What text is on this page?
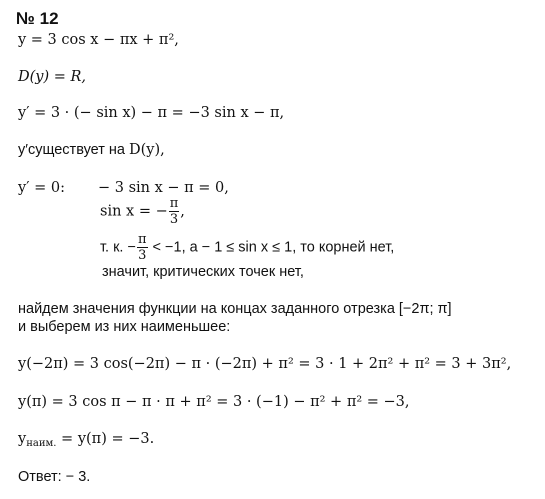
№ 12
y = 3 cos x − πx + π²,
D(y) = R,
y′ = 3 · (− sin x) − π = −3 sin x − π,
y′существует на D(y),
y′ = 0: − 3 sin x − π = 0,
sin x = − $\frac{\pi}{3}$ ,
т. к. − $\frac{\pi}{3} < -1$, a − 1 ≤ sin x ≤ 1, то корней нет,
значит, критических точек нет,
найдем значения функции на концах заданного отрезка [−2π; π]
и выберем из них наименьшее:
y(−2π) = 3 cos(−2π) − π · (−2π) + π² = 3 · 1 + 2π² + π² = 3 + 3π²,
y(π) = 3 cos π − π · π + π² = 3 · (−1) − π² + π² = −3,
$y_{наим.} = y(\pi) = -3$.
Ответ: − 3.
